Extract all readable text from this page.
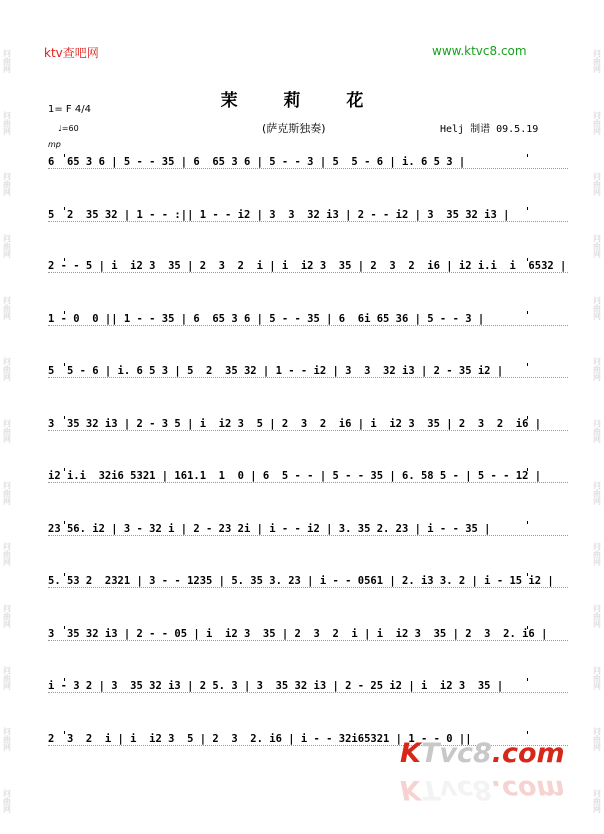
问曲网
问曲网
问曲网
问曲网
问曲网
问曲网
问曲网
问曲网
问曲网
问曲网
问曲网
问曲网
问曲网
问曲网
问曲网
问曲网
问曲网
问曲网
问曲网
问曲网
问曲网
问曲网
问曲网
问曲网
问曲网
问曲网
ktv查吧网	www.ktvc8.com
茉 莉 花
1= F 4/4
(萨克斯独奏)	Helj 制谱 09.5.19
♩=60
mp
6  65 3 6 | 5 - - 35 | 6  65 3 6 | 5 - - 3 | 5  5 - 6 | i. 6 5 3 |
5  2  35 32 | 1 - - :|| 1 - - i2 | 3  3  32 i3 | 2 - - i2 | 3  35 32 i3 |
2 - - 5 | i  i2 3  35 | 2  3  2  i | i  i2 3  35 | 2  3  2  i6 | i2 i.i  i  6532 |
1 - 0  0 || 1 - - 35 | 6  65 3 6 | 5 - - 35 | 6  6i 65 36 | 5 - - 3 |
5  5 - 6 | i. 6 5 3 | 5  2  35 32 | 1 - - i2 | 3  3  32 i3 | 2 - 35 i2 |
3  35 32 i3 | 2 - 3 5 | i  i2 3  5 | 2  3  2  i6 | i  i2 3  35 | 2  3  2  i6 |
i2 i.i  32i6 5321 | 161.1  1  0 | 6  5 - - | 5 - - 35 | 6. 58 5 - | 5 - - 12 |
23 56. i2 | 3 - 32 i | 2 - 23 2i | i - - i2 | 3. 35 2. 23 | i - - 35 |
5. 53 2  2321 | 3 - - 1235 | 5. 35 3. 23 | i - - 0561 | 2. i3 3. 2 | i - 15 i2 |
3  35 32 i3 | 2 - - 05 | i  i2 3  35 | 2  3  2  i | i  i2 3  35 | 2  3  2. i6 |
i - 3 2 | 3  35 32 i3 | 2 5. 3 | 3  35 32 i3 | 2 - 25 i2 | i  i2 3  35 |
2  3  2  i | i  i2 3  5 | 2  3  2. i6 | i - - 32i65321 | 1 - - 0 ||
KTvc8.com
KTvc8.com
